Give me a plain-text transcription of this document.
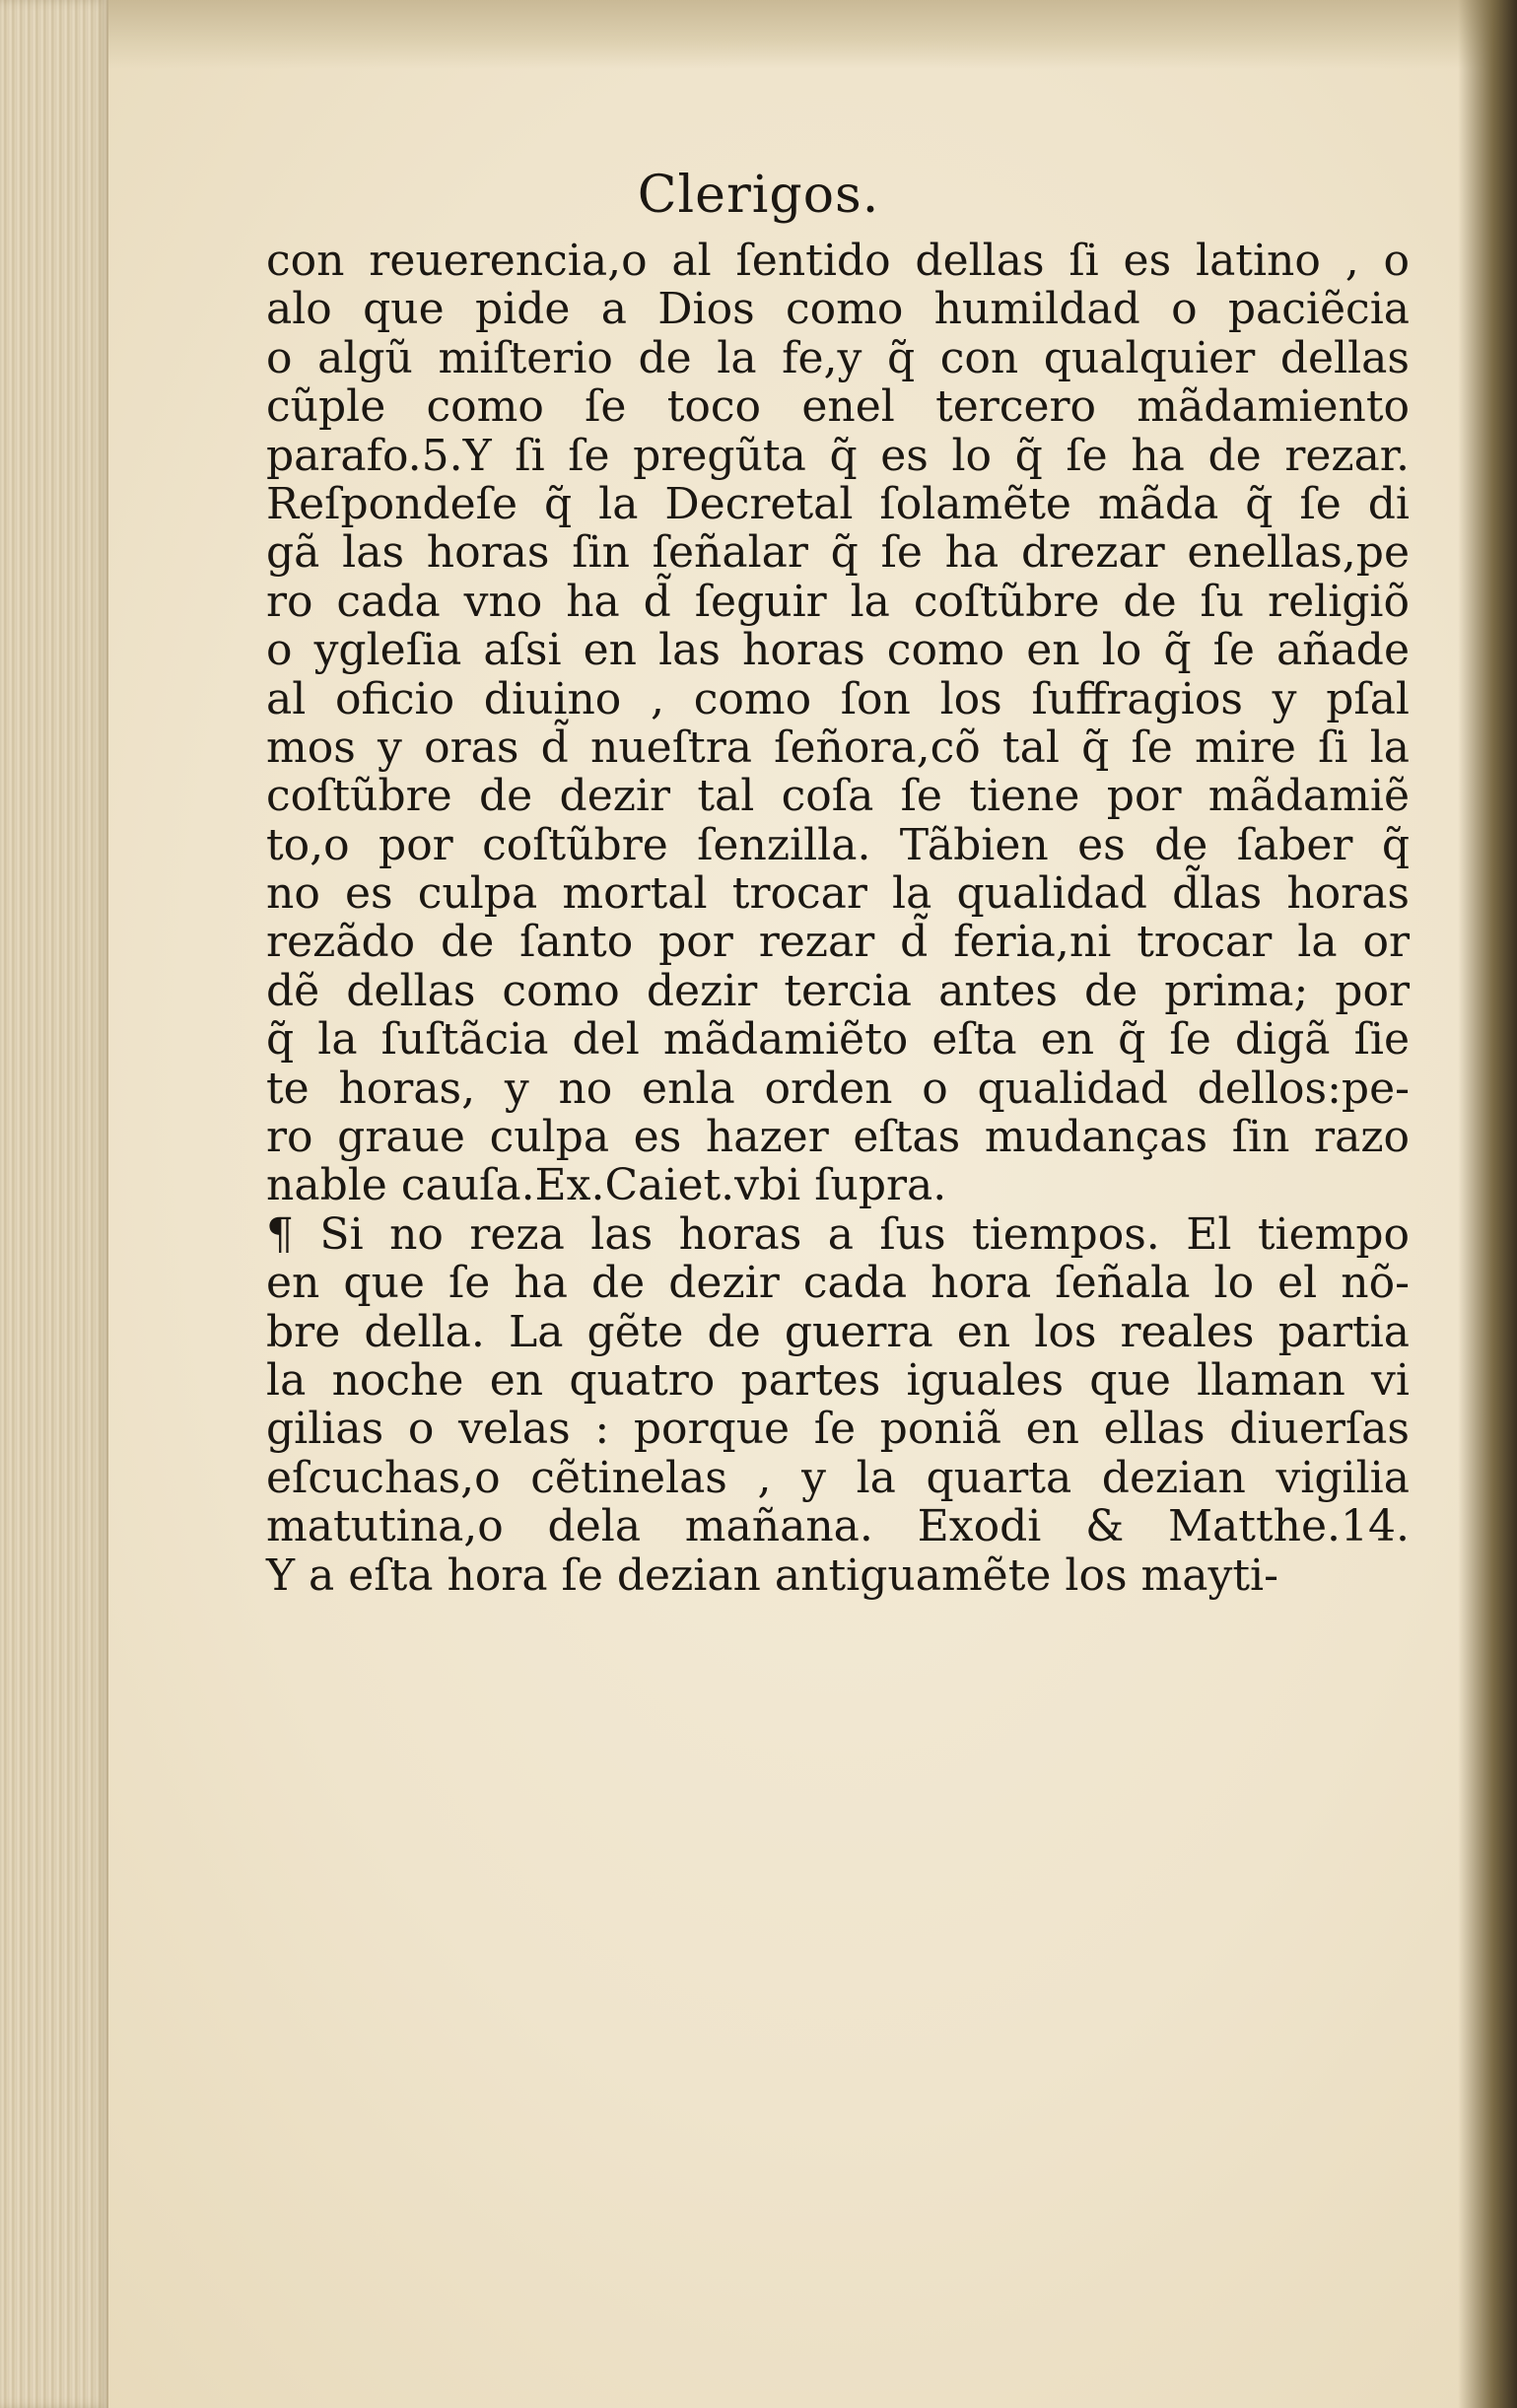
Clerigos.
con reuerencia,o al ſentido dellas ſi es latino , o
alo que pide a Dios como humildad o paciẽcia
o algũ miſterio de la fe,y q̃ con qualquier dellas
cũple como ſe toco enel tercero mãdamiento
parafo.5.Y ſi ſe pregũta q̃ es lo q̃ ſe ha de rezar.
Reſpondeſe q̃ la Decretal ſolamẽte mãda q̃ ſe di
gã las horas ſin ſeñalar q̃ ſe ha drezar enellas,pe
ro cada vno ha d̃ ſeguir la coſtũbre de ſu religiõ
o ygleſia aſsi en las horas como en lo q̃ ſe añade
al oficio diuino , como ſon los ſuffragios y pſal
mos y oras d̃ nueſtra ſeñora,cõ tal q̃ ſe mire ſi la
coſtũbre de dezir tal coſa ſe tiene por mãdamiẽ
to,o por coſtũbre ſenzilla. Tãbien es de ſaber q̃
no es culpa mortal trocar la qualidad d̃las horas
rezãdo de ſanto por rezar d̃ feria,ni trocar la or
dẽ dellas como dezir tercia antes de prima; por
q̃ la ſuſtãcia del mãdamiẽto eſta en q̃ ſe digã ſie
te horas, y no enla orden o qualidad dellos:pe-
ro graue culpa es hazer eſtas mudanças ſin razo
nable cauſa.Ex.Caiet.vbi ſupra.
¶ Si no reza las horas a ſus tiempos. El tiempo
en que ſe ha de dezir cada hora ſeñala lo el nõ-
bre della. La gẽte de guerra en los reales partia
la noche en quatro partes iguales que llaman vi
gilias o velas : porque ſe poniã en ellas diuerſas
eſcuchas,o cẽtinelas , y la quarta dezian vigilia
matutina,o dela mañana. Exodi & Matthe.14.
Y a eſta hora ſe dezian antiguamẽte los mayti-
